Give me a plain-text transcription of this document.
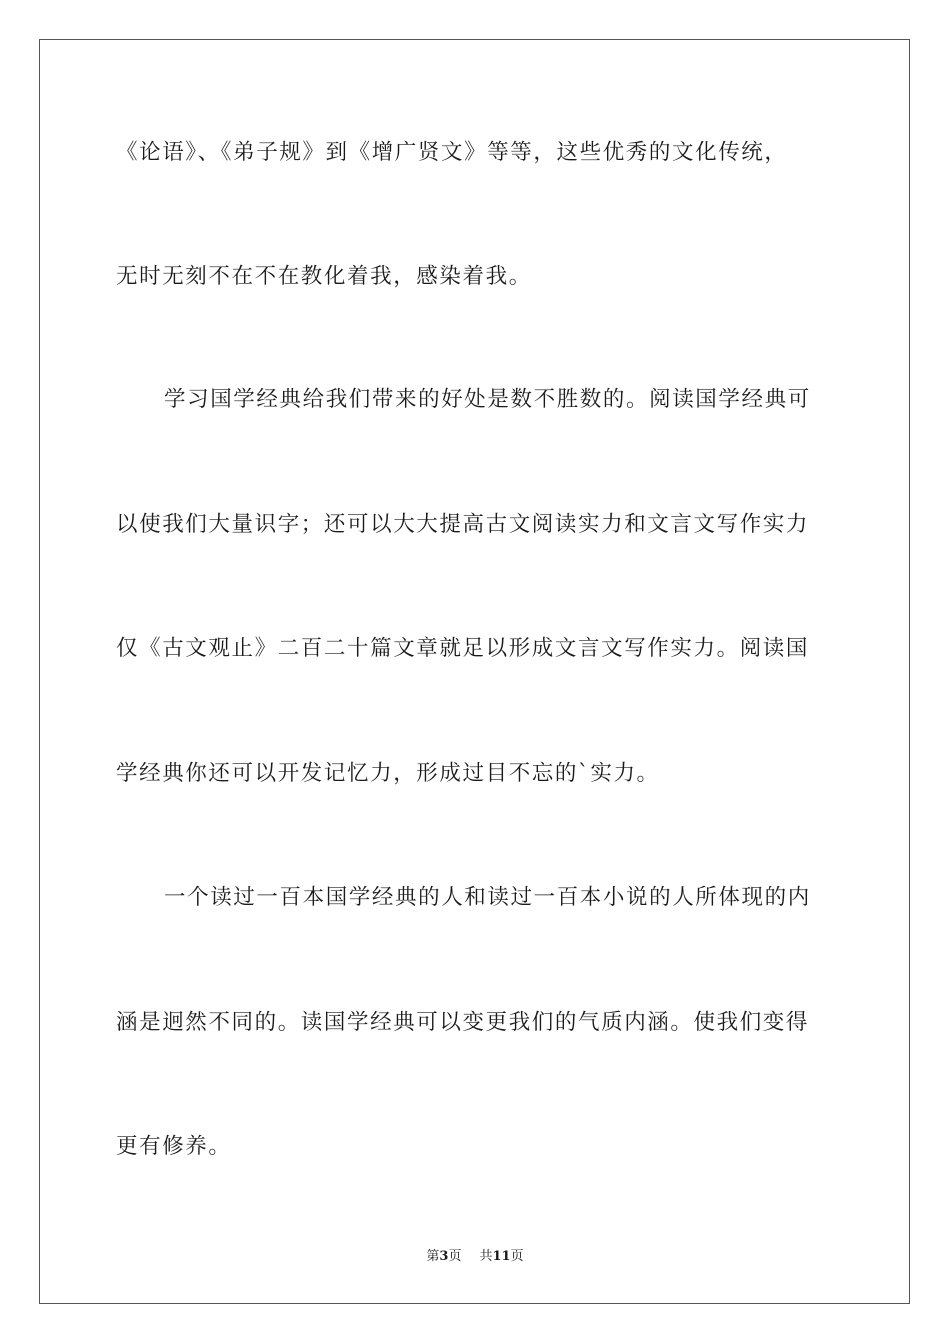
《论语》、《弟子规》到《增广贤文》等等，这些优秀的文化传统，
无时无刻不在不在教化着我，感染着我。
学习国学经典给我们带来的好处是数不胜数的。阅读国学经典可
以使我们大量识字；还可以大大提高古文阅读实力和文言文写作实力
仅《古文观止》二百二十篇文章就足以形成文言文写作实力。阅读国
学经典你还可以开发记忆力，形成过目不忘的`实力。
一个读过一百本国学经典的人和读过一百本小说的人所体现的内
涵是迥然不同的。读国学经典可以变更我们的气质内涵。使我们变得
更有修养。
第3页 共11页
